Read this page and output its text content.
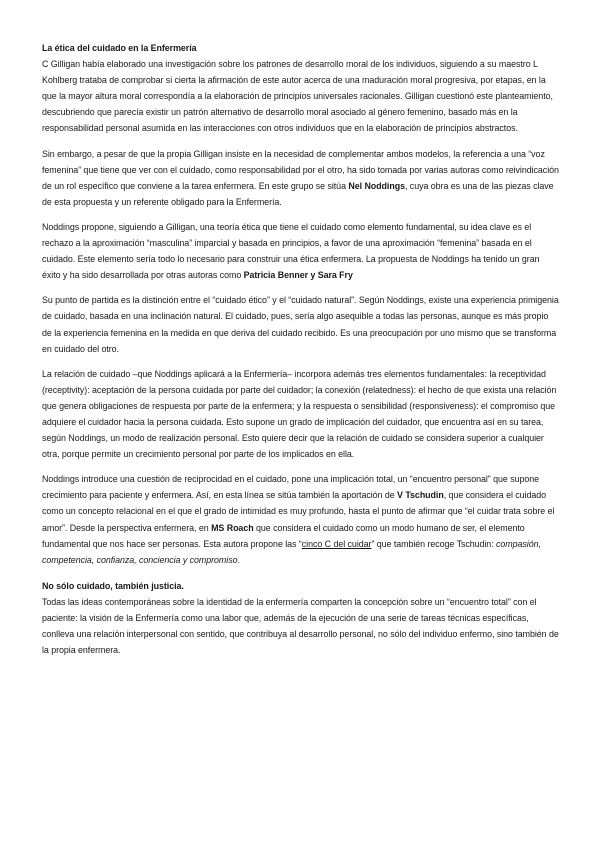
La ética del cuidado en la Enfermería

C Gilligan había elaborado una investigación sobre los patrones de desarrollo moral de los individuos, siguiendo a su maestro L Kohlberg trataba de comprobar si cierta la afirmación de este autor acerca de una maduración moral progresiva, por etapas, en la que la mayor altura moral correspondía a la elaboración de principios universales racionales. Gilligan cuestionó este planteamiento, descubriendo que parecía existir un patrón alternativo de desarrollo moral asociado al género femenino, basado más en la responsabilidad personal asumida en las interacciones con otros individuos que en la elaboración de principios abstractos.

Sin embargo, a pesar de que la propia Gilligan insiste en la necesidad de complementar ambos modelos, la referencia a una “voz femenina” que tiene que ver con el cuidado, como responsabilidad por el otro, ha sido tomada por varias autoras como reivindicación de un rol específico que conviene a la tarea enfermera. En este grupo se sitúa Nel Noddings, cuya obra es una de las piezas clave de esta propuesta y un referente obligado para la Enfermería.

Noddings propone, siguiendo a Gilligan, una teoría ética que tiene el cuidado como elemento fundamental, su idea clave es el rechazo a la aproximación “masculina” imparcial y basada en principios, a favor de una aproximación “femenina” basada en el cuidado. Este elemento sería todo lo necesario para construir una ética enfermera. La propuesta de Noddings ha tenido un gran éxito y ha sido desarrollada por otras autoras como Patricia Benner y Sara Fry

Su punto de partida es la distinción entre el “cuidado ético” y el “cuidado natural”. Según Noddings, existe una experiencia primigenia de cuidado, basada en una inclinación natural. El cuidado, pues, sería algo asequible a todas las personas, aunque es más propio de la experiencia femenina en la medida en que deriva del cuidado recibido. Es una preocupación por uno mismo que se transforma en cuidado del otro.

La relación de cuidado –que Noddings aplicará a la Enfermería– incorpora además tres elementos fundamentales: la receptividad (receptivity): aceptación de la persona cuidada por parte del cuidador; la conexión (relatedness): el hecho de que exista una relación que genera obligaciones de respuesta por parte de la enfermera; y la respuesta o sensibilidad (responsiveness): el compromiso que adquiere el cuidador hacia la persona cuidada. Esto supone un grado de implicación del cuidador, que encuentra así en su tarea, según Noddings, un modo de realización personal. Esto quiere decir que la relación de cuidado se considera superior a cualquier otra, porque permite un crecimiento personal por parte de los implicados en ella.

Noddings introduce una cuestión de reciprocidad en el cuidado, pone una implicación total, un “encuentro personal” que supone crecimiento para paciente y enfermera. Así, en esta línea se sitúa también la aportación de V Tschudin, que considera el cuidado como un concepto relacional en el que el grado de intimidad es muy profundo, hasta el punto de afirmar que “el cuidar trata sobre el amor”. Desde la perspectiva enfermera, en MS Roach que considera el cuidado como un modo humano de ser, el elemento fundamental que nos hace ser personas. Esta autora propone las “cinco C del cuidar” que también recoge Tschudin: compasión, competencia, confianza, conciencia y compromiso.

No sólo cuidado, también justicia.

Todas las ideas contemporáneas sobre la identidad de la enfermería comparten la concepción sobre un “encuentro total” con el paciente: la visión de la Enfermería como una labor que, además de la ejecución de una serie de tareas técnicas específicas, conlleva una relación interpersonal con sentido, que contribuya al desarrollo personal, no sólo del individuo enfermo, sino también de la propia enfermera.
